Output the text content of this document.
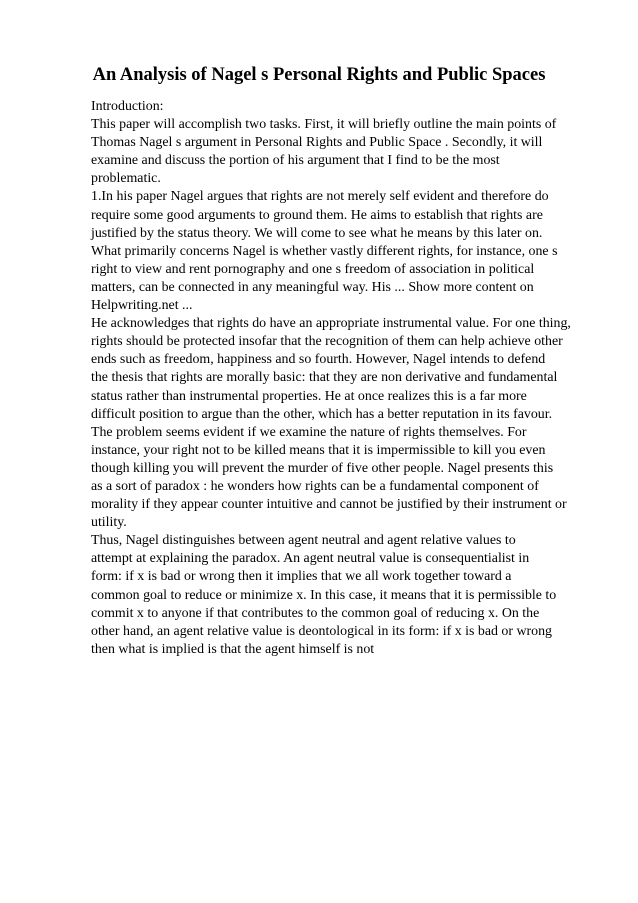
An Analysis of Nagel s Personal Rights and Public Spaces
Introduction:
This paper will accomplish two tasks. First, it will briefly outline the main points of
Thomas Nagel s argument in Personal Rights and Public Space . Secondly, it will
examine and discuss the portion of his argument that I find to be the most
problematic.
1.In his paper Nagel argues that rights are not merely self evident and therefore do
require some good arguments to ground them. He aims to establish that rights are
justified by the status theory. We will come to see what he means by this later on.
What primarily concerns Nagel is whether vastly different rights, for instance, one s
right to view and rent pornography and one s freedom of association in political
matters, can be connected in any meaningful way. His ... Show more content on
Helpwriting.net ...
He acknowledges that rights do have an appropriate instrumental value. For one thing,
rights should be protected insofar that the recognition of them can help achieve other
ends such as freedom, happiness and so fourth. However, Nagel intends to defend
the thesis that rights are morally basic: that they are non derivative and fundamental
status rather than instrumental properties. He at once realizes this is a far more
difficult position to argue than the other, which has a better reputation in its favour.
The problem seems evident if we examine the nature of rights themselves. For
instance, your right not to be killed means that it is impermissible to kill you even
though killing you will prevent the murder of five other people. Nagel presents this
as a sort of paradox : he wonders how rights can be a fundamental component of
morality if they appear counter intuitive and cannot be justified by their instrument or
utility.
Thus, Nagel distinguishes between agent neutral and agent relative values to
attempt at explaining the paradox. An agent neutral value is consequentialist in
form: if x is bad or wrong then it implies that we all work together toward a
common goal to reduce or minimize x. In this case, it means that it is permissible to
commit x to anyone if that contributes to the common goal of reducing x. On the
other hand, an agent relative value is deontological in its form: if x is bad or wrong
then what is implied is that the agent himself is not
